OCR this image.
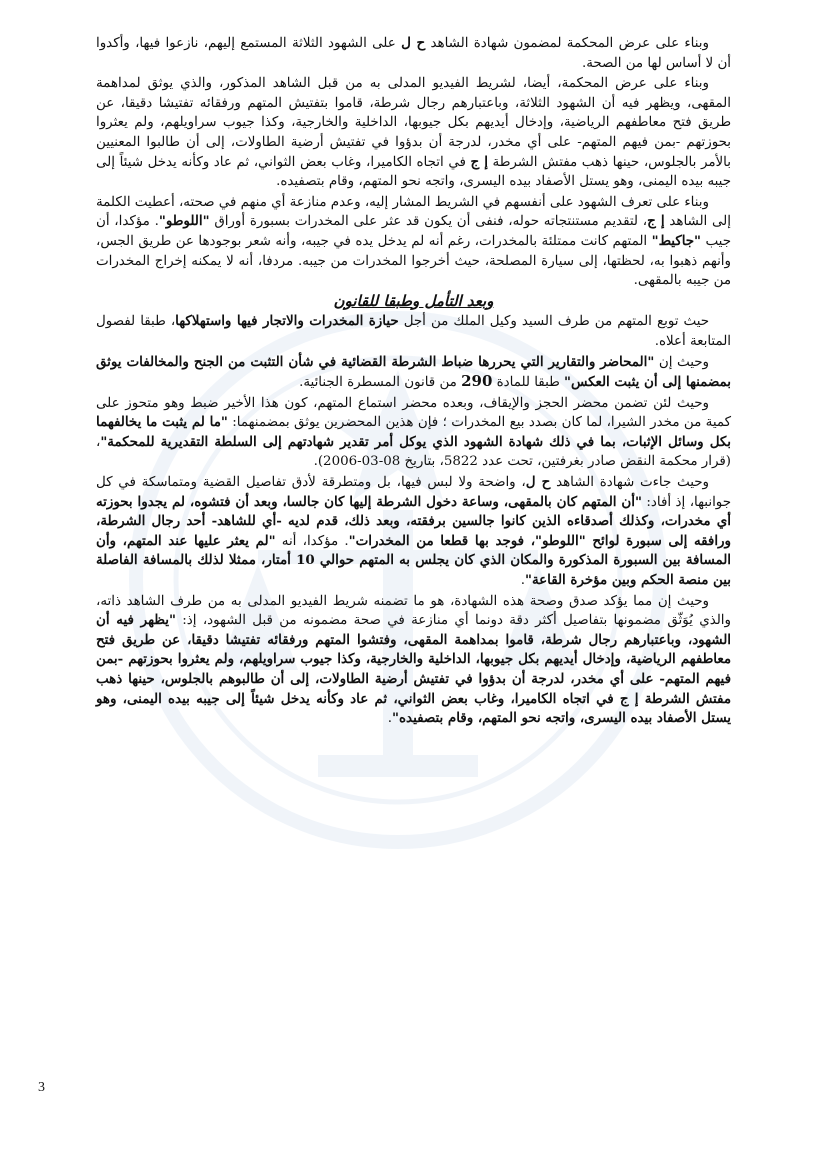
وبناء على عرض المحكمة لمضمون شهادة الشاهد ح ل على الشهود الثلاثة المستمع إليهم، نازعوا فيها، وأكدوا أن لا أساس لها من الصحة.

وبناء على عرض المحكمة، أيضا، لشريط الفيديو المدلى به من قبل الشاهد المذكور، والذي يوثق لمداهمة المقهى، ويظهر فيه أن الشهود الثلاثة، وباعتبارهم رجال شرطة، قاموا بتفتيش المتهم ورفقائه تفتيشا دقيقا، عن طريق فتح معاطفهم الرياضية، وإدخال أيديهم بكل جيوبها، الداخلية والخارجية، وكذا جيوب سراويلهم، ولم يعثروا بحوزتهم -بمن فيهم المتهم- على أي مخدر، لدرجة أن بدؤوا في تفتيش أرضية الطاولات، إلى أن طالبوا المعنيين بالأمر بالجلوس، حينها ذهب مفتش الشرطة إ ج في اتجاه الكاميرا، وغاب بعض الثواني، ثم عاد وكأنه يدخل شيئاً إلى جيبه بيده اليمنى، وهو يستل الأصفاد بيده اليسرى، واتجه نحو المتهم، وقام بتصفيده.

وبناء على تعرف الشهود على أنفسهم في الشريط المشار إليه، وعدم منازعة أي منهم في صحته، أعطيت الكلمة إلى الشاهد إ ج، لتقديم مستنتجاته حوله، فنفى أن يكون قد عثر على المخدرات بسبورة أوراق "اللوطو". مؤكدا، أن جيب "جاكيط" المتهم كانت ممتلئة بالمخدرات، رغم أنه لم يدخل يده في جيبه، وأنه شعر بوجودها عن طريق الجس، وأنهم ذهبوا به، لحظتها، إلى سيارة المصلحة، حيث أخرجوا المخدرات من جيبه. مردفا، أنه لا يمكنه إخراج المخدرات من جيبه بالمقهى.

وبعد التأمل وطبقا للقانون

حيث توبع المتهم من طرف السيد وكيل الملك من أجل حيازة المخدرات والاتجار فيها واستهلاكها، طبقا لفصول المتابعة أعلاه.

وحيث إن "المحاضر والتقارير التي يحررها ضباط الشرطة القضائية في شأن التثبت من الجنح والمخالفات يوثق بمضمنها إلى أن يثبت العكس" طبقا للمادة 290 من قانون المسطرة الجنائية.

وحيث لئن تضمن محضر الحجز والإيقاف، وبعده محضر استماع المتهم، كون هذا الأخير ضبط وهو متحوز على كمية من مخدر الشيرا، لما كان بصدد بيع المخدرات ؛ فإن هذين المحضرين يوثق بمضمنهما: "ما لم يثبت ما يخالفهما بكل وسائل الإثبات، بما في ذلك شهادة الشهود الذي يوكل أمر تقدير شهادتهم إلى السلطة التقديرية للمحكمة"، (قرار محكمة النقض صادر بغرفتين، تحت عدد 5822، بتاريخ 08-03-2006).

وحيث جاءت شهادة الشاهد ح ل، واضحة ولا لبس فيها، بل ومتطرقة لأدق تفاصيل القضية ومتماسكة في كل جوانبها، إذ أفاد: "أن المتهم كان بالمقهى، وساعة دخول الشرطة إليها كان جالسا، وبعد أن فتشوه، لم يجدوا بحوزته أي مخدرات، وكذلك أصدقاءه الذين كانوا جالسين برفقته، وبعد ذلك، قدم لديه -أي للشاهد- أحد رجال الشرطة، ورافقه إلى سبورة لوائح "اللوطو"، فوجد بها قطعا من المخدرات". مؤكدا، أنه "لم يعثر عليها عند المتهم، وأن المسافة بين السبورة المذكورة والمكان الذي كان يجلس به المتهم حوالي 10 أمتار، ممثلا لذلك بالمسافة الفاصلة بين منصة الحكم وبين مؤخرة القاعة".

وحيث إن مما يؤكد صدق وصحة هذه الشهادة، هو ما تضمنه شريط الفيديو المدلى به من طرف الشاهد ذاته، والذي يُوَثّق مضمونها بتفاصيل أكثر دقة دونما أي منازعة في صحة مضمونه من قبل الشهود، إذ: "يظهر فيه أن الشهود، وباعتبارهم رجال شرطة، قاموا بمداهمة المقهى، وفتشوا المتهم ورفقائه تفتيشا دقيقا، عن طريق فتح معاطفهم الرياضية، وإدخال أيديهم بكل جيوبها، الداخلية والخارجية، وكذا جيوب سراويلهم، ولم يعثروا بحوزتهم -بمن فيهم المتهم- على أي مخدر، لدرجة أن بدؤوا في تفتيش أرضية الطاولات، إلى أن طالبوهم بالجلوس، حينها ذهب مفتش الشرطة إ ج في اتجاه الكاميرا، وغاب بعض الثواني، ثم عاد وكأنه يدخل شيئاً إلى جيبه بيده اليمنى، وهو يستل الأصفاد بيده اليسرى، واتجه نحو المتهم، وقام بتصفيده".

3
